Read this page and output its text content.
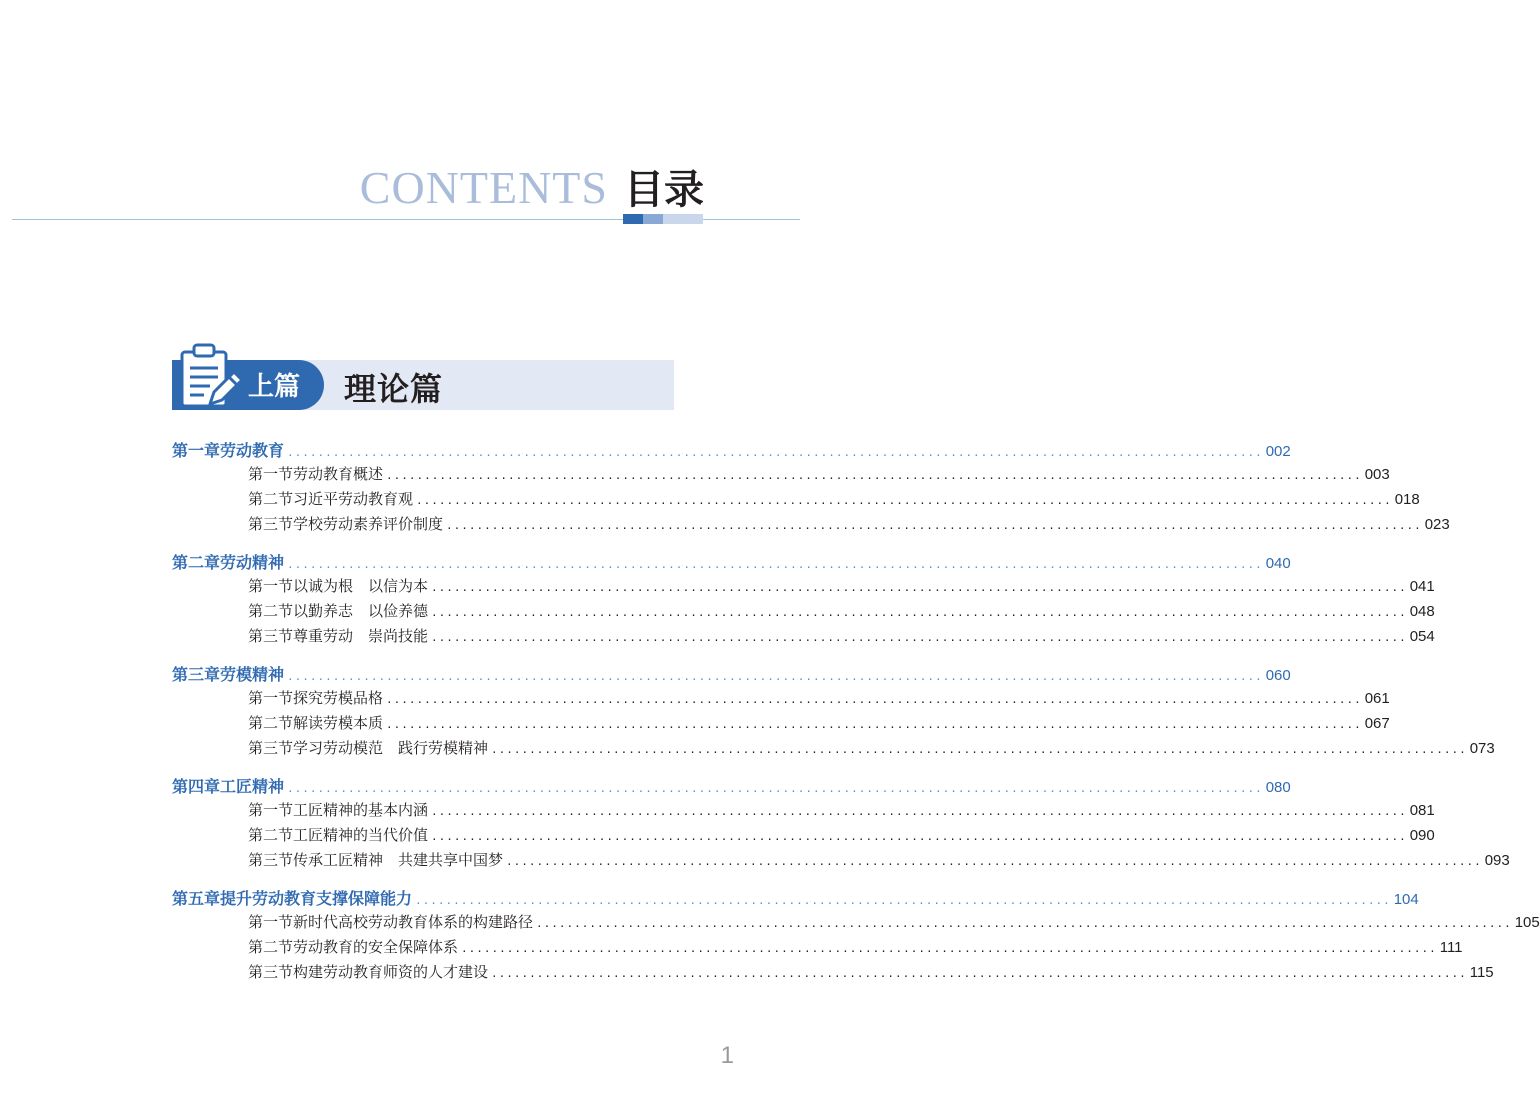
CONTENTS 目录
上篇 理论篇
第一章 劳动教育 ................................................................................................................................ 002
第一节 劳动教育概述 ................................................................................................................................ 003
第二节 习近平劳动教育观 ................................................................................................................................ 018
第三节 学校劳动素养评价制度 ................................................................................................................................ 023
第二章 劳动精神 ................................................................................................................................ 040
第一节 以诚为根　以信为本 ................................................................................................................................ 041
第二节 以勤养志　以俭养德 ................................................................................................................................ 048
第三节 尊重劳动　崇尚技能 ................................................................................................................................ 054
第三章 劳模精神 ................................................................................................................................ 060
第一节 探究劳模品格 ................................................................................................................................ 061
第二节 解读劳模本质 ................................................................................................................................ 067
第三节 学习劳动模范　践行劳模精神 ................................................................................................................................ 073
第四章 工匠精神 ................................................................................................................................ 080
第一节 工匠精神的基本内涵 ................................................................................................................................ 081
第二节 工匠精神的当代价值 ................................................................................................................................ 090
第三节 传承工匠精神　共建共享中国梦 ................................................................................................................................ 093
第五章 提升劳动教育支撑保障能力 ................................................................................................................................ 104
第一节 新时代高校劳动教育体系的构建路径 ................................................................................................................................ 105
第二节 劳动教育的安全保障体系 ................................................................................................................................ 111
第三节 构建劳动教育师资的人才建设 ................................................................................................................................ 115
1
